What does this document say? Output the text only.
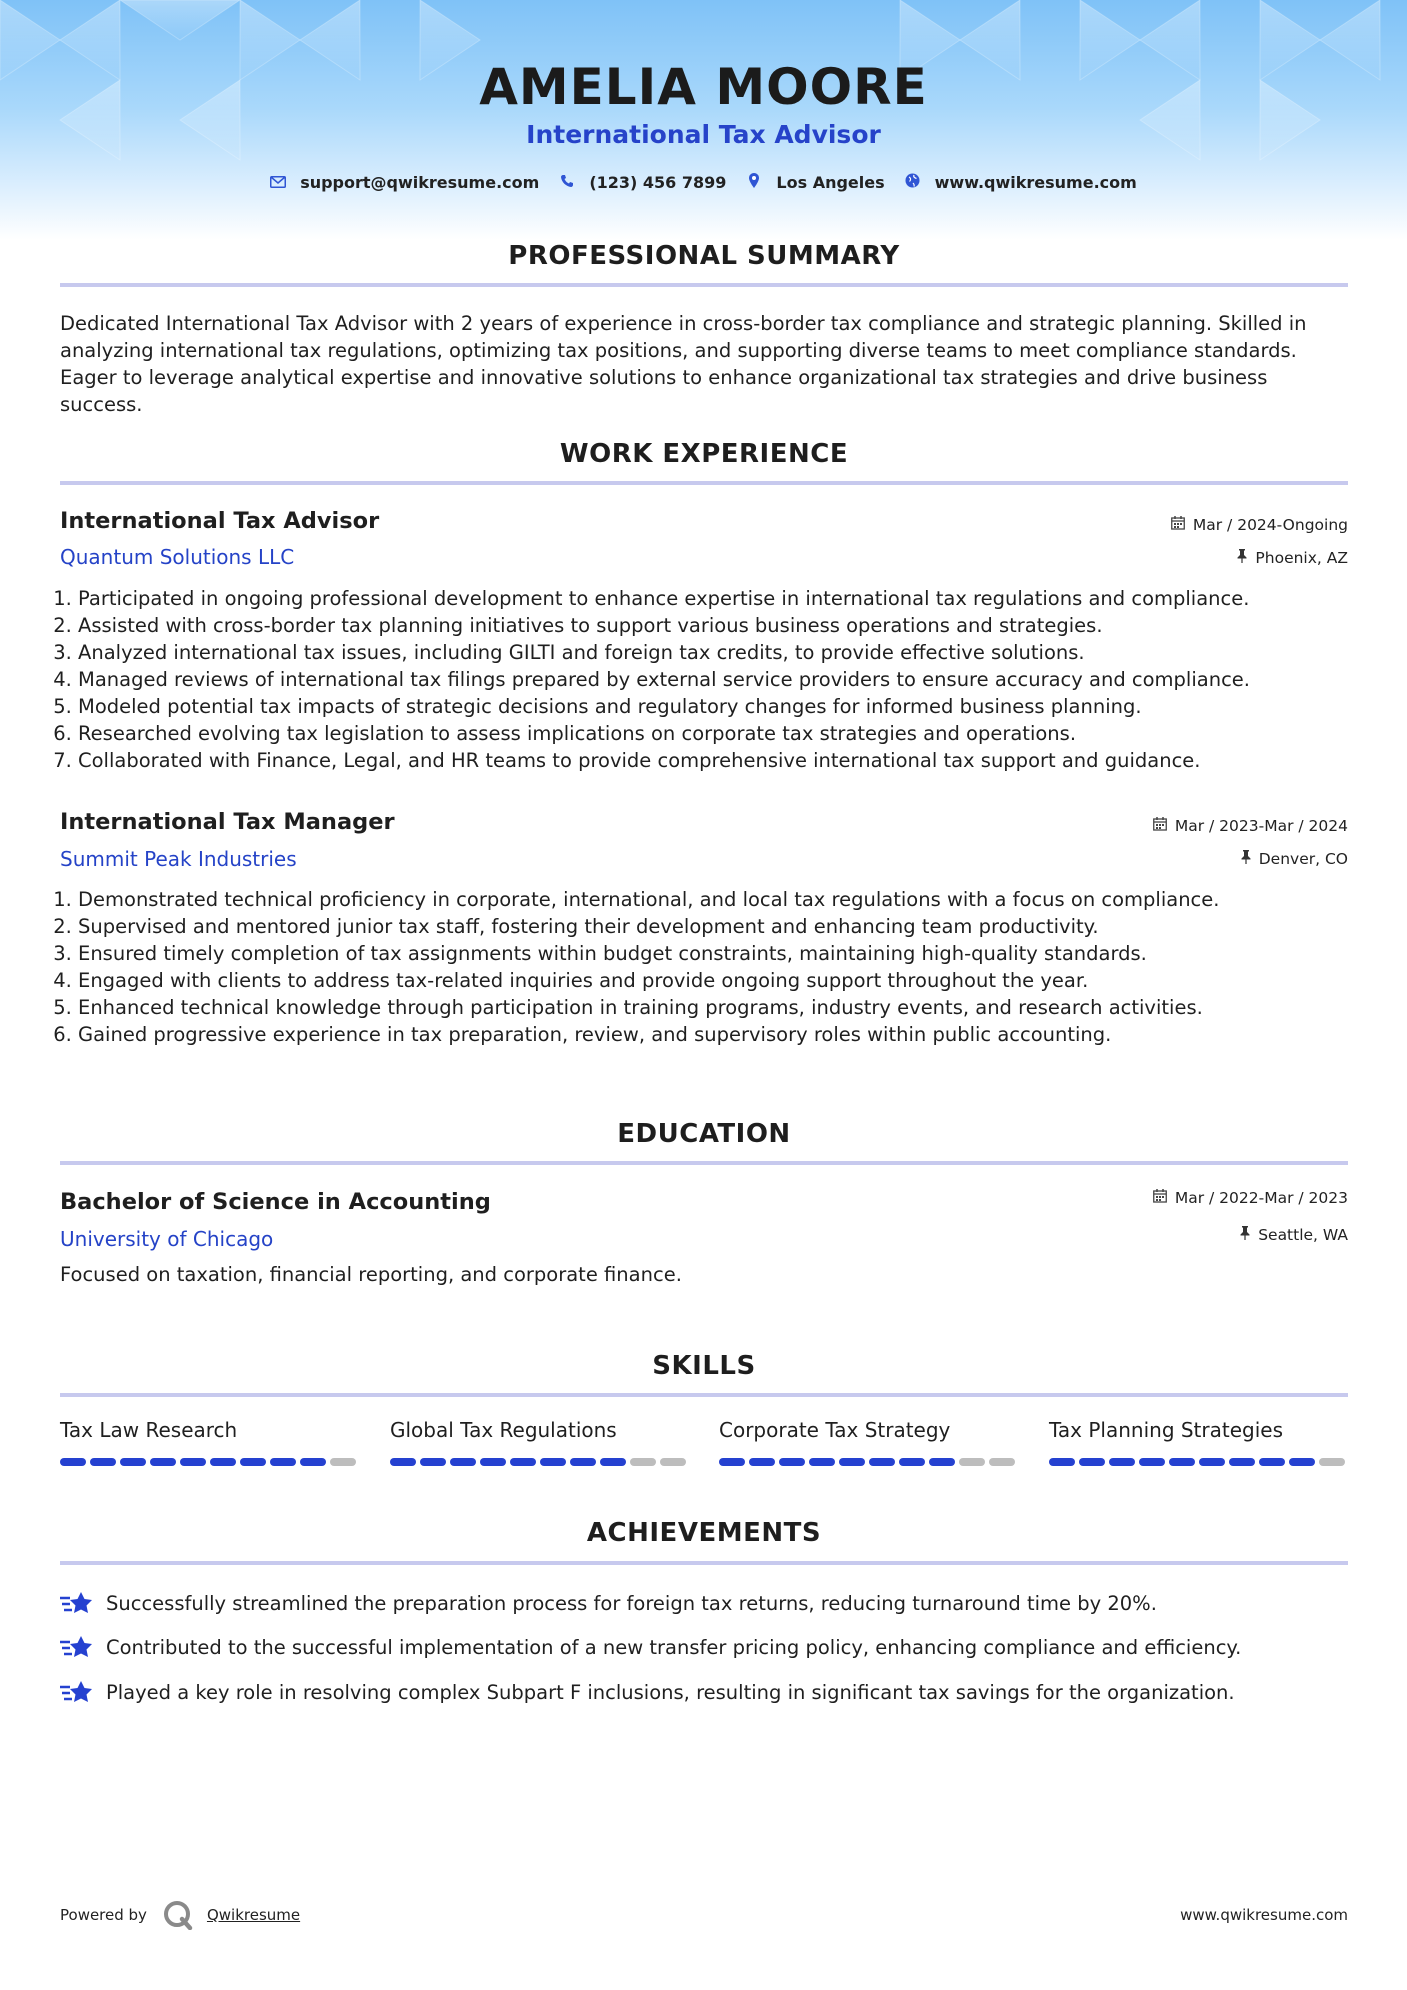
AMELIA MOORE
International Tax Advisor
support@qwikresume.com	(123) 456 7899	Los Angeles	www.qwikresume.com
PROFESSIONAL SUMMARY
Dedicated International Tax Advisor with 2 years of experience in cross-border tax compliance and strategic planning. Skilled in analyzing international tax regulations, optimizing tax positions, and supporting diverse teams to meet compliance standards. Eager to leverage analytical expertise and innovative solutions to enhance organizational tax strategies and drive business success.
WORK EXPERIENCE
International Tax Advisor
Quantum Solutions LLC
Mar / 2024-Ongoing
Phoenix, AZ
1. Participated in ongoing professional development to enhance expertise in international tax regulations and compliance.
2. Assisted with cross-border tax planning initiatives to support various business operations and strategies.
3. Analyzed international tax issues, including GILTI and foreign tax credits, to provide effective solutions.
4. Managed reviews of international tax filings prepared by external service providers to ensure accuracy and compliance.
5. Modeled potential tax impacts of strategic decisions and regulatory changes for informed business planning.
6. Researched evolving tax legislation to assess implications on corporate tax strategies and operations.
7. Collaborated with Finance, Legal, and HR teams to provide comprehensive international tax support and guidance.
International Tax Manager
Summit Peak Industries
Mar / 2023-Mar / 2024
Denver, CO
1. Demonstrated technical proficiency in corporate, international, and local tax regulations with a focus on compliance.
2. Supervised and mentored junior tax staff, fostering their development and enhancing team productivity.
3. Ensured timely completion of tax assignments within budget constraints, maintaining high-quality standards.
4. Engaged with clients to address tax-related inquiries and provide ongoing support throughout the year.
5. Enhanced technical knowledge through participation in training programs, industry events, and research activities.
6. Gained progressive experience in tax preparation, review, and supervisory roles within public accounting.
EDUCATION
Bachelor of Science in Accounting
University of Chicago
Mar / 2022-Mar / 2023
Seattle, WA
Focused on taxation, financial reporting, and corporate finance.
SKILLS
Tax Law Research	Global Tax Regulations	Corporate Tax Strategy	Tax Planning Strategies
ACHIEVEMENTS
Successfully streamlined the preparation process for foreign tax returns, reducing turnaround time by 20%.
Contributed to the successful implementation of a new transfer pricing policy, enhancing compliance and efficiency.
Played a key role in resolving complex Subpart F inclusions, resulting in significant tax savings for the organization.
Powered by	Qwikresume	www.qwikresume.com
